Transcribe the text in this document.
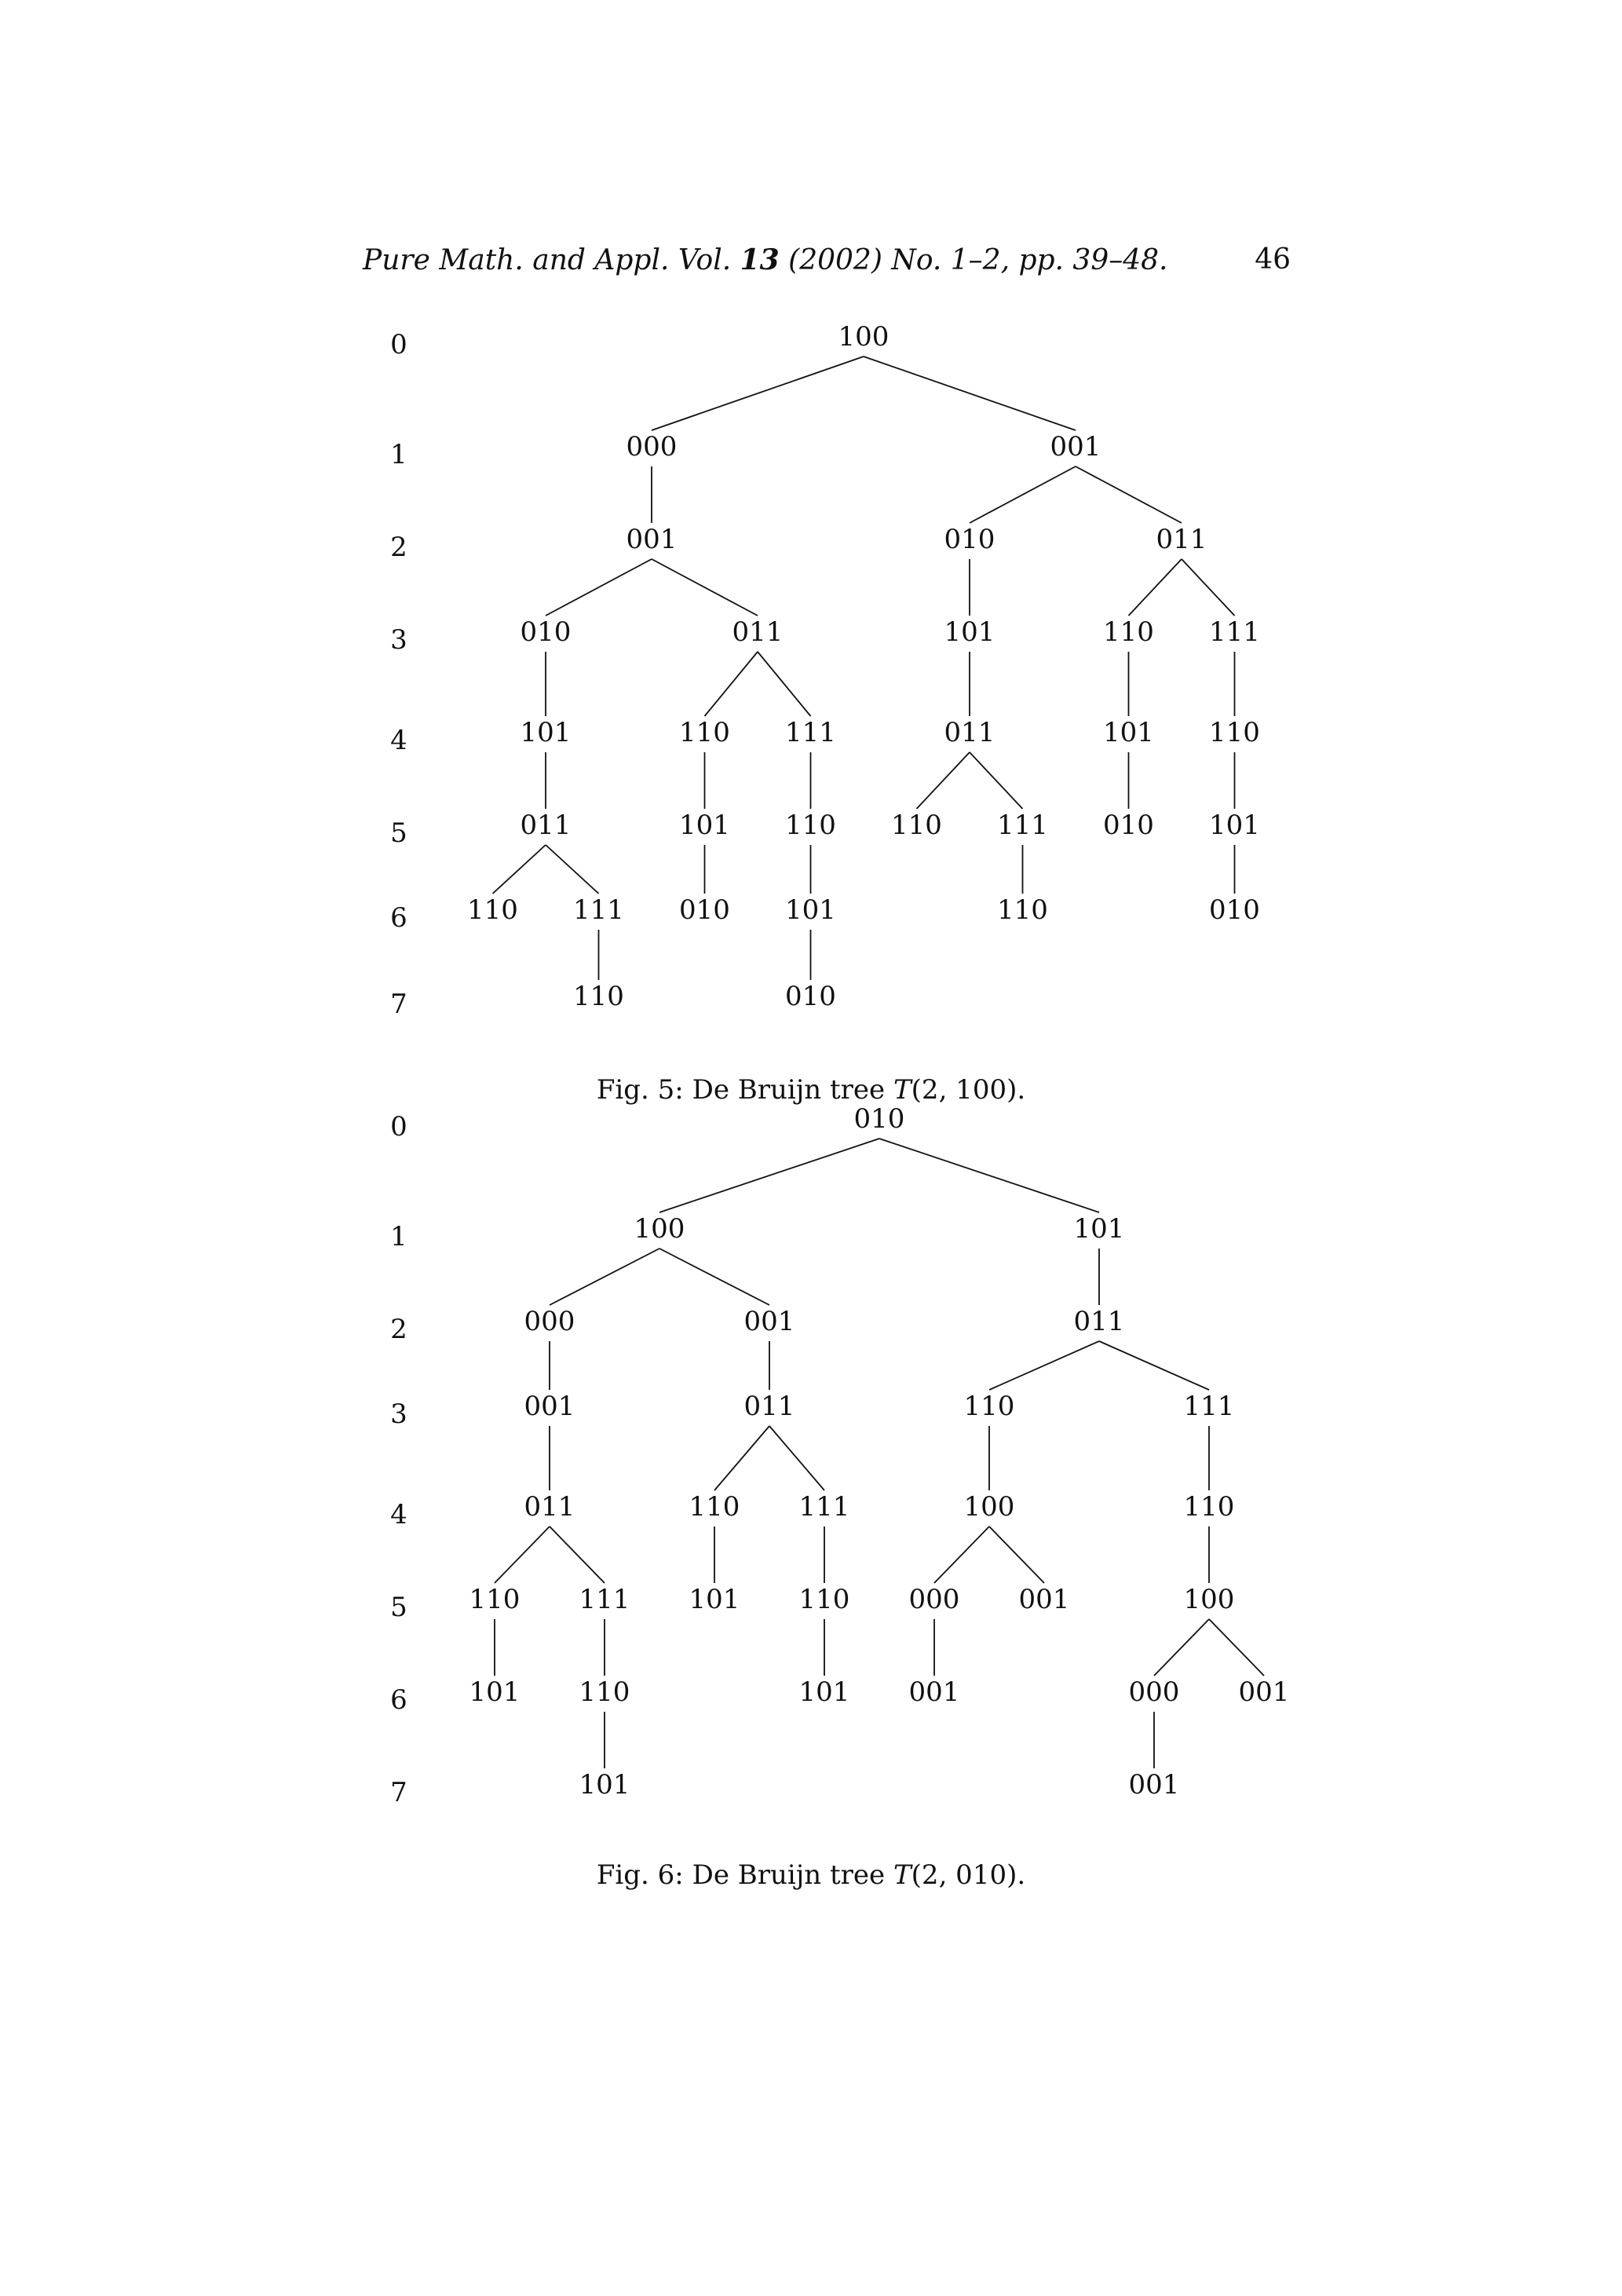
Pure Math. and Appl. Vol. 13 (2002) No. 1–2, pp. 39–48.	46
0
1
2
3
4
5
6
7
110
110
111
011
101
010
010
101
110
010
101
110
111
011
001
000
110
110
111
011
101
010
010
101
110
010
101
110
111
011
001
100
Fig. 5: De Bruijn tree T(2, 100).
0
1
2
3
4
5
6
7
101
110
101
110
111
011
001
000
101
110
101
110
111
011
001
100
001
000 001
100
110
001
000 001
100
110
111
011
101
010
Fig. 6: De Bruijn tree T(2, 010).
